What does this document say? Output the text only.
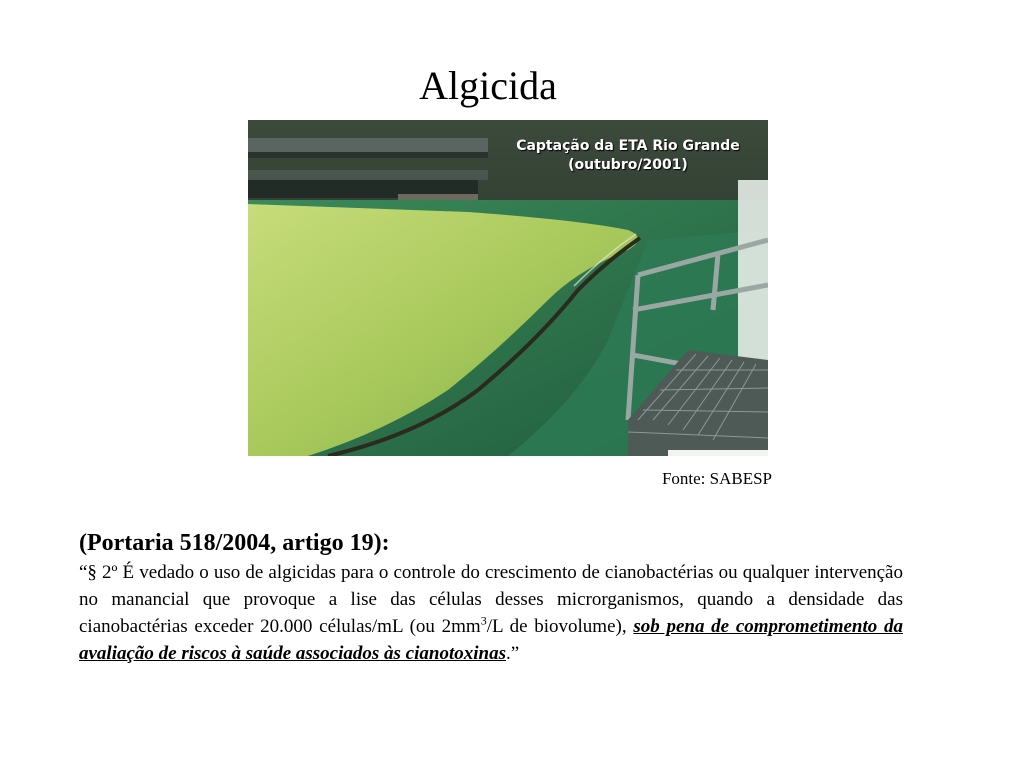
Algicida
Captação da ETA Rio Grande
(outubro/2001)
Fonte: SABESP
(Portaria 518/2004, artigo 19):

“§ 2º É vedado o uso de algicidas para o controle do crescimento de cianobactérias ou qualquer intervenção no manancial que provoque a lise das células desses microrganismos, quando a densidade das cianobactérias exceder 20.000 células/mL (ou $2mm^3/L$ de biovolume), sob pena de comprometimento da avaliação de riscos à saúde associados às cianotoxinas.”
